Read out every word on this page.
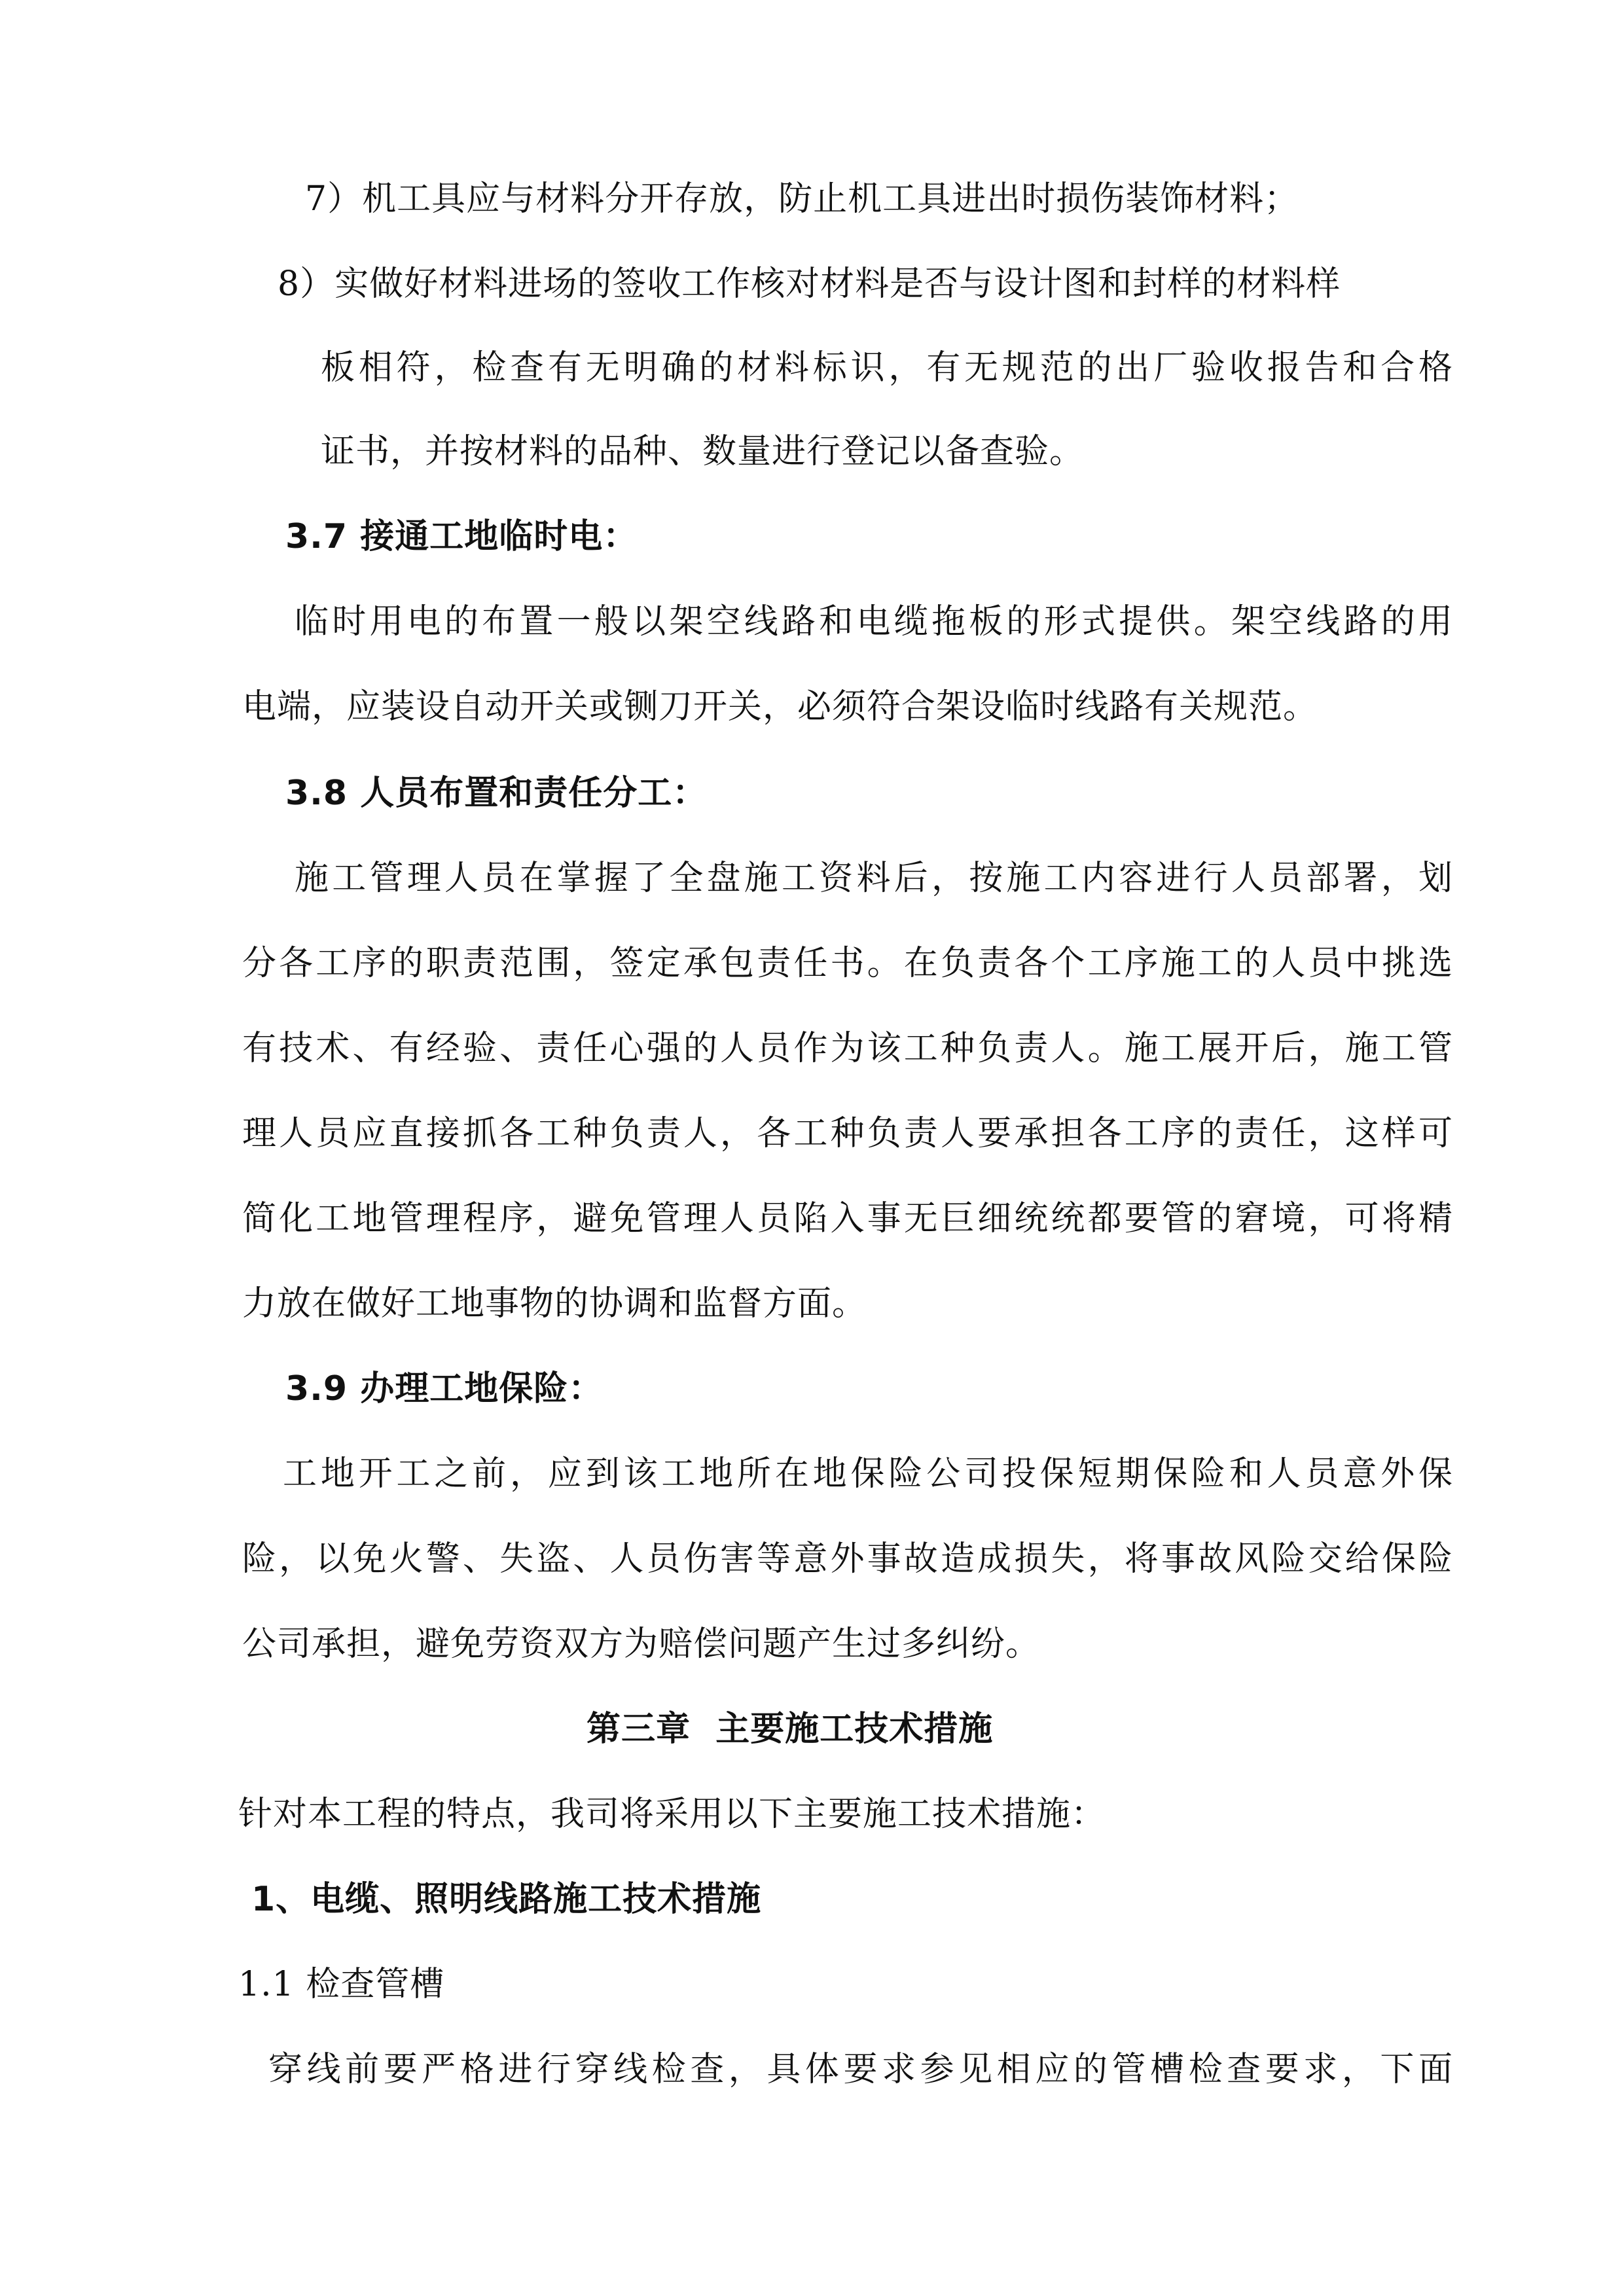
7）机工具应与材料分开存放，防止机工具进出时损伤装饰材料；
8）实做好材料进场的签收工作核对材料是否与设计图和封样的材料样
板相符，检查有无明确的材料标识，有无规范的出厂验收报告和合格
证书，并按材料的品种、数量进行登记以备查验。
3.7 接通工地临时电：
临时用电的布置一般以架空线路和电缆拖板的形式提供。架空线路的用
电端，应装设自动开关或铡刀开关，必须符合架设临时线路有关规范。
3.8 人员布置和责任分工：
施工管理人员在掌握了全盘施工资料后，按施工内容进行人员部署，划
分各工序的职责范围，签定承包责任书。在负责各个工序施工的人员中挑选
有技术、有经验、责任心强的人员作为该工种负责人。施工展开后，施工管
理人员应直接抓各工种负责人，各工种负责人要承担各工序的责任，这样可
简化工地管理程序，避免管理人员陷入事无巨细统统都要管的窘境，可将精
力放在做好工地事物的协调和监督方面。
3.9 办理工地保险：
工地开工之前，应到该工地所在地保险公司投保短期保险和人员意外保
险，以免火警、失盗、人员伤害等意外事故造成损失，将事故风险交给保险
公司承担，避免劳资双方为赔偿问题产生过多纠纷。
第三章  主要施工技术措施
针对本工程的特点，我司将采用以下主要施工技术措施：
1、电缆、照明线路施工技术措施
1.1 检查管槽
穿线前要严格进行穿线检查，具体要求参见相应的管槽检查要求，下面
